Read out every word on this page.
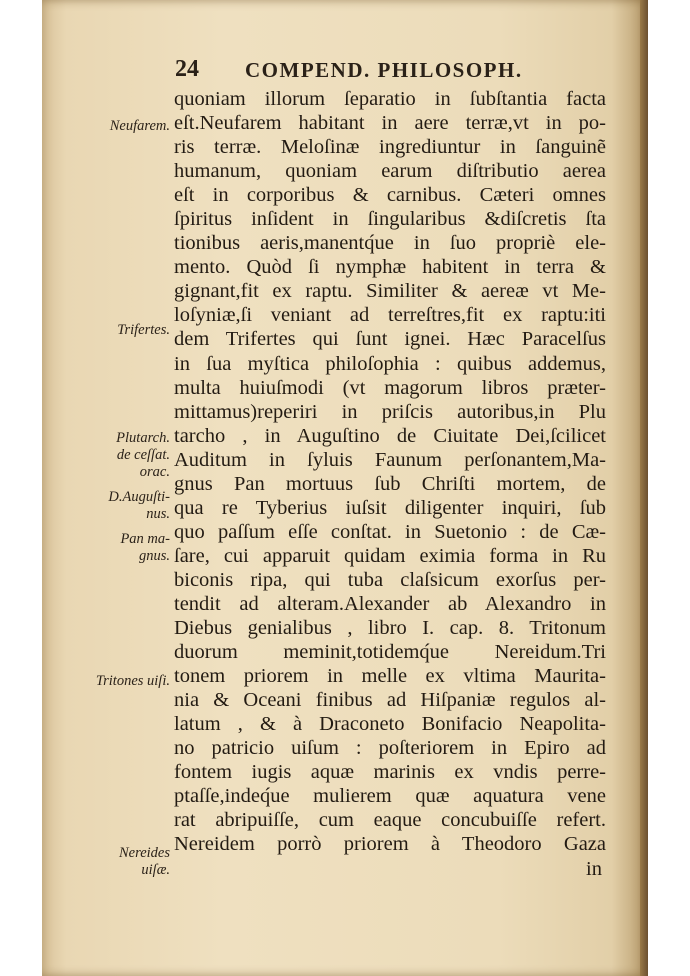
24 COMPEND. PHILOSOPH.
quoniam illorum ſeparatio in ſubſtantia facta
eſt.Neufarem habitant in aere terræ,vt in po-
ris terræ. Meloſinæ ingrediuntur in ſanguinẽ
humanum, quoniam earum diſtributio aerea
eſt in corporibus & carnibus. Cæteri omnes
ſpiritus inſident in ſingularibus &diſcretis ſta
tionibus aeris,manentq́ue in ſuo propriè ele-
mento. Quòd ſi nymphæ habitent in terra &
gignant,fit ex raptu. Similiter & aereæ vt Me-
loſyniæ,ſi veniant ad terreſtres,fit ex raptu:iti
dem Trifertes qui ſunt ignei. Hæc Paracelſus
in ſua myſtica philoſophia : quibus addemus,
multa huiuſmodi (vt magorum libros præter-
mittamus)reperiri in priſcis autoribus,in Plu
tarcho , in Auguſtino de Ciuitate Dei,ſcilicet
Auditum in ſyluis Faunum perſonantem,Ma-
gnus Pan mortuus ſub Chriſti mortem, de
qua re Tyberius iuſsit diligenter inquiri, ſub
quo paſſum eſſe conſtat. in Suetonio : de Cæ-
ſare, cui apparuit quidam eximia forma in Ru
biconis ripa, qui tuba claſsicum exorſus per-
tendit ad alteram.Alexander ab Alexandro in
Diebus genialibus , libro I. cap. 8. Tritonum
duorum meminit,totidemq́ue Nereidum.Tri
tonem priorem in melle ex vltima Maurita-
nia & Oceani finibus ad Hiſpaniæ regulos al-
latum , & à Draconeto Bonifacio Neapolita-
no patricio uiſum : poſteriorem in Epiro ad
fontem iugis aquæ marinis ex vndis perre-
ptaſſe,indeq́ue mulierem quæ aquatura vene
rat abripuiſſe, cum eaque concubuiſſe refert.
Nereidem porrò priorem à Theodoro Gaza
in
Neufarem.
Trifertes.
Plutarch.
de ceſſat.
orac.
D.Auguſti-
nus.
Pan ma-
gnus.
Tritones uiſi.
Nereides
uiſæ.
